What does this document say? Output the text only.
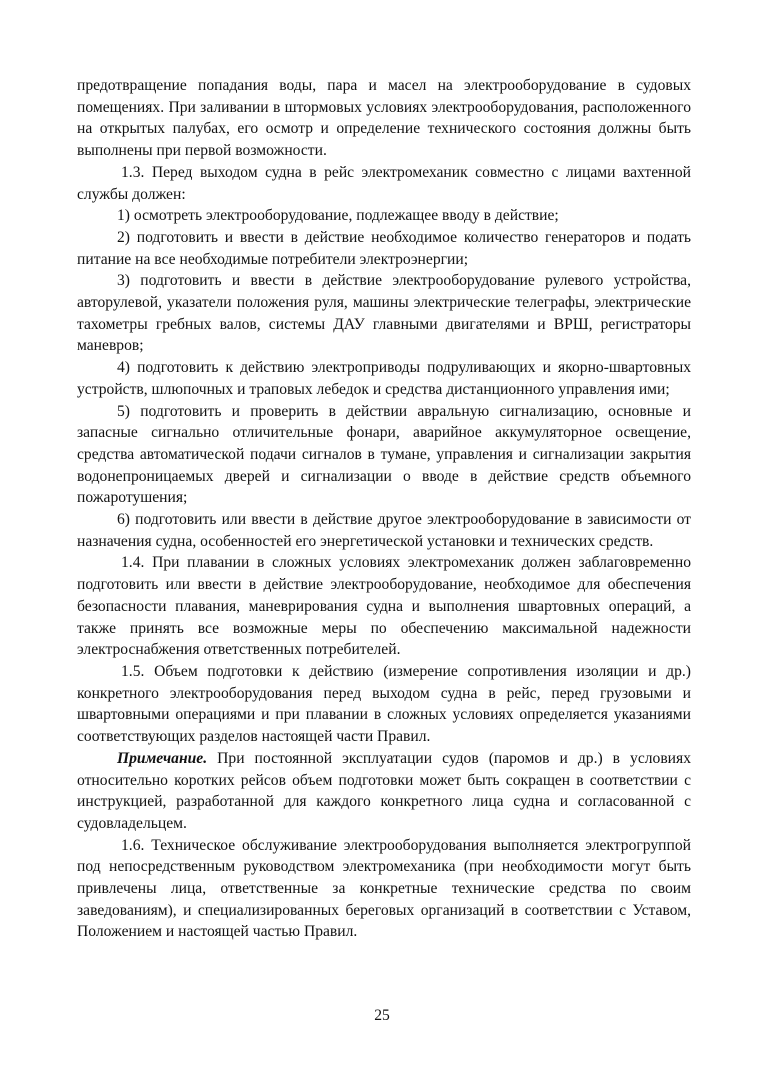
предотвращение попадания воды, пара и масел на электрооборудование в судовых помещениях. При заливании в штормовых условиях электрооборудования, расположенного на открытых палубах, его осмотр и определение технического состояния должны быть выполнены при первой возможности.

1.3. Перед выходом судна в рейс электромеханик совместно с лицами вахтенной службы должен:

1) осмотреть электрооборудование, подлежащее вводу в действие;

2) подготовить и ввести в действие необходимое количество генераторов и подать питание на все необходимые потребители электроэнергии;

3) подготовить и ввести в действие электрооборудование рулевого устройства, авторулевой, указатели положения руля, машины электрические телеграфы, электрические тахометры гребных валов, системы ДАУ главными двигателями и ВРШ, регистраторы маневров;

4) подготовить к действию электроприводы подруливающих и якорно-швартовных устройств, шлюпочных и траповых лебедок и средства дистанционного управления ими;

5) подготовить и проверить в действии авральную сигнализацию, основные и запасные сигнально отличительные фонари, аварийное аккумуляторное освещение, средства автоматической подачи сигналов в тумане, управления и сигнализации закрытия водонепроницаемых дверей и сигнализации о вводе в действие средств объемного пожаротушения;

6) подготовить или ввести в действие другое электрооборудование в зависимости от назначения судна, особенностей его энергетической установки и технических средств.

1.4. При плавании в сложных условиях электромеханик должен заблаговременно подготовить или ввести в действие электрооборудование, необходимое для обеспечения безопасности плавания, маневрирования судна и выполнения швартовных операций, а также принять все возможные меры по обеспечению максимальной надежности электроснабжения ответственных потребителей.

1.5. Объем подготовки к действию (измерение сопротивления изоляции и др.) конкретного электрооборудования перед выходом судна в рейс, перед грузовыми и швартовными операциями и при плавании в сложных условиях определяется указаниями соответствующих разделов настоящей части Правил.

Примечание. При постоянной эксплуатации судов (паромов и др.) в условиях относительно коротких рейсов объем подготовки может быть сокращен в соответствии с инструкцией, разработанной для каждого конкретного лица судна и согласованной с судовладельцем.

1.6. Техническое обслуживание электрооборудования выполняется электрогруппой под непосредственным руководством электромеханика (при необходимости могут быть привлечены лица, ответственные за конкретные технические средства по своим заведованиям), и специализированных береговых организаций в соответствии с Уставом, Положением и настоящей частью Правил.

25
